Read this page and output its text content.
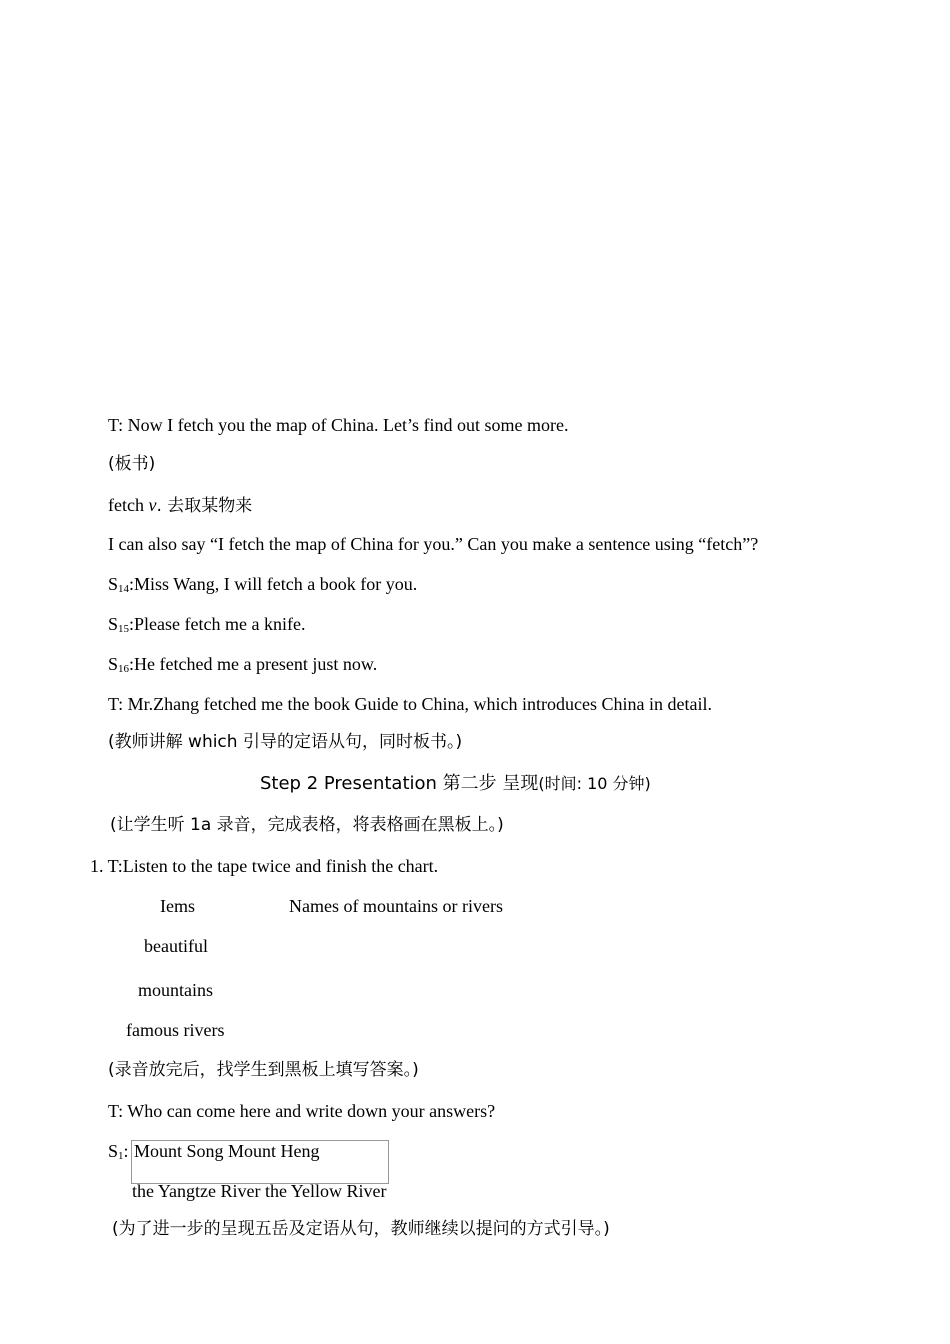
T: Now I fetch you the map of China. Let’s find out some more.
(板书)
fetch v. 去取某物来
I can also say “I fetch the map of China for you.” Can you make a sentence using “fetch”?
$S_{14}:Miss$ Wang, I will fetch a book for you.
$S_{15}:Please$ fetch me a knife.
$S_{16}:He$ fetched me a present just now.
T: Mr.Zhang fetched me the book Guide to China, which introduces China in detail.
(教师讲解 which 引导的定语从句，同时板书。)
Step 2 Presentation 第二步 呈现(时间: 10 分钟)
(让学生听 1a 录音，完成表格，将表格画在黑板上。)
1. T:Listen to the tape twice and finish the chart.
Iems	Names of mountains or rivers
beautiful
mountains
famous rivers
(录音放完后，找学生到黑板上填写答案。)
T: Who can come here and write down your answers?
$S_1$: Mount Song Mount Heng
the Yangtze River the Yellow River
(为了进一步的呈现五岳及定语从句，教师继续以提问的方式引导。)
